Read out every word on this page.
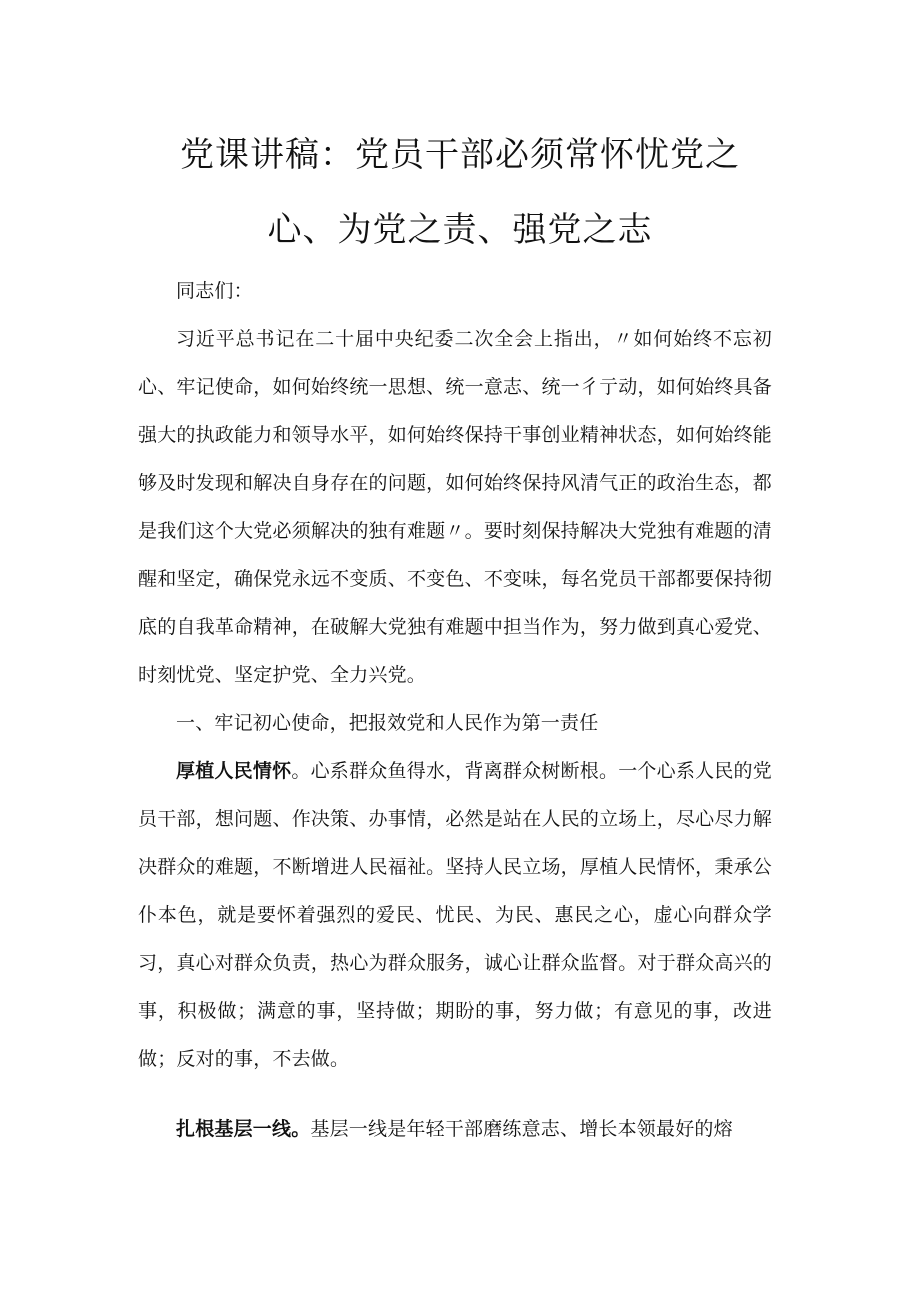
党课讲稿：党员干部必须常怀忧党之
心、为党之责、强党之志

同志们：

习近平总书记在二十届中央纪委二次全会上指出，〃如何始终不忘初心、牢记使命，如何始终统一思想、统一意志、统一彳亍动，如何始终具备强大的执政能力和领导水平，如何始终保持干事创业精神状态，如何始终能够及时发现和解决自身存在的问题，如何始终保持风清气正的政治生态，都是我们这个大党必须解决的独有难题〃。要时刻保持解决大党独有难题的清醒和坚定，确保党永远不变质、不变色、不变味，每名党员干部都要保持彻底的自我革命精神，在破解大党独有难题中担当作为，努力做到真心爱党、时刻忧党、坚定护党、全力兴党。

一、牢记初心使命，把报效党和人民作为第一责任

厚植人民情怀。心系群众鱼得水，背离群众树断根。一个心系人民的党员干部，想问题、作决策、办事情，必然是站在人民的立场上，尽心尽力解决群众的难题，不断增进人民福祉。坚持人民立场，厚植人民情怀，秉承公仆本色，就是要怀着强烈的爱民、忧民、为民、惠民之心，虚心向群众学习，真心对群众负责，热心为群众服务，诚心让群众监督。对于群众高兴的事，积极做；满意的事，坚持做；期盼的事，努力做；有意见的事，改进做；反对的事，不去做。

扎根基层一线。基层一线是年轻干部磨练意志、增长本领最好的熔
